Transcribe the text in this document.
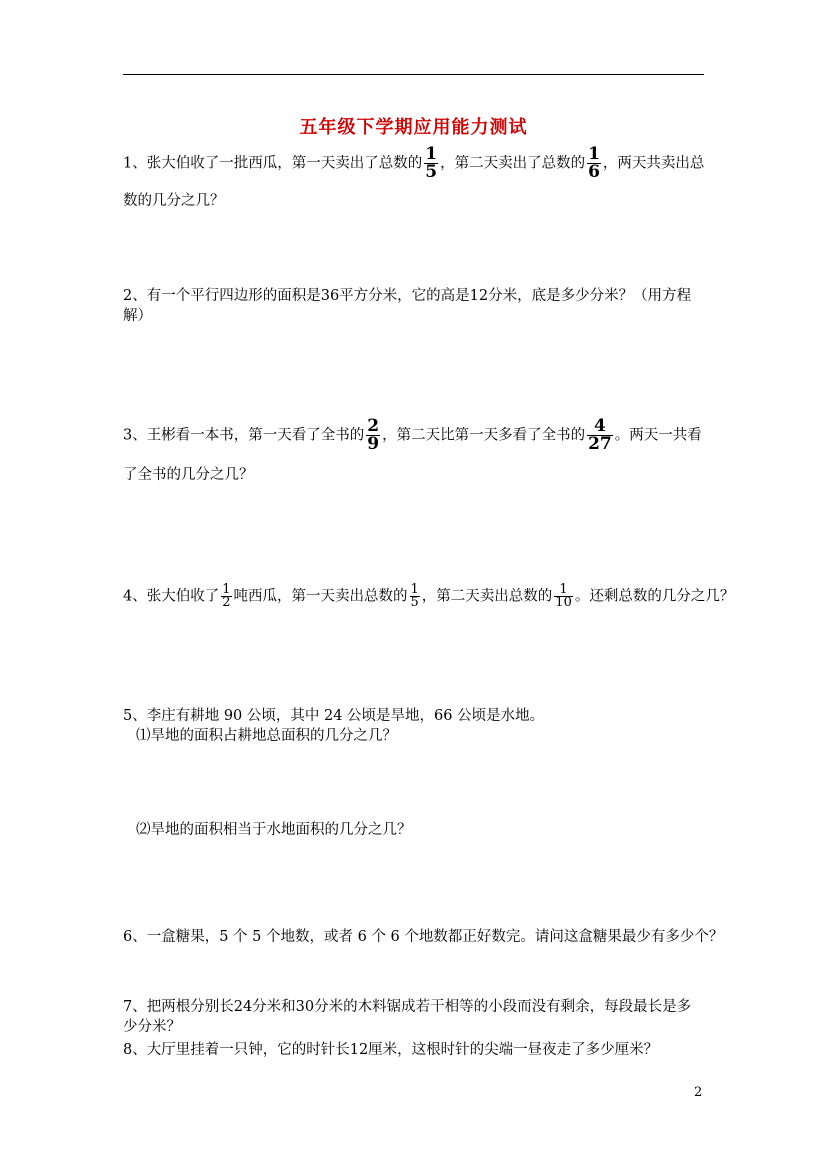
五年级下学期应用能力测试
1、张大伯收了一批西瓜，第一天卖出了总数的 $\frac{1}{5}$ ，第二天卖出了总数的 $\frac{1}{6}$ ，两天共卖出总
数的几分之几？
2、有一个平行四边形的面积是36平方分米，它的高是12分米，底是多少分米？（用方程
解）
3、王彬看一本书，第一天看了全书的 $\frac{2}{9}$ ，第二天比第一天多看了全书的 $\frac{4}{27}$ 。两天一共看
了全书的几分之几？
4、张大伯收了 $\frac{1}{2}$ 吨西瓜，第一天卖出总数的 $\frac{1}{5}$ ，第二天卖出总数的 $\frac{1}{10}$ 。还剩总数的几分之几？
5、李庄有耕地 90 公顷，其中 24 公顷是旱地，66 公顷是水地。
⑴旱地的面积占耕地总面积的几分之几？
⑵旱地的面积相当于水地面积的几分之几？
6、一盒糖果，5 个 5 个地数，或者 6 个 6 个地数都正好数完。请问这盒糖果最少有多少个？
7、把两根分别长24分米和30分米的木料锯成若干相等的小段而没有剩余，每段最长是多
少分米？
8、大厅里挂着一只钟，它的时针长12厘米，这根时针的尖端一昼夜走了多少厘米？
2
